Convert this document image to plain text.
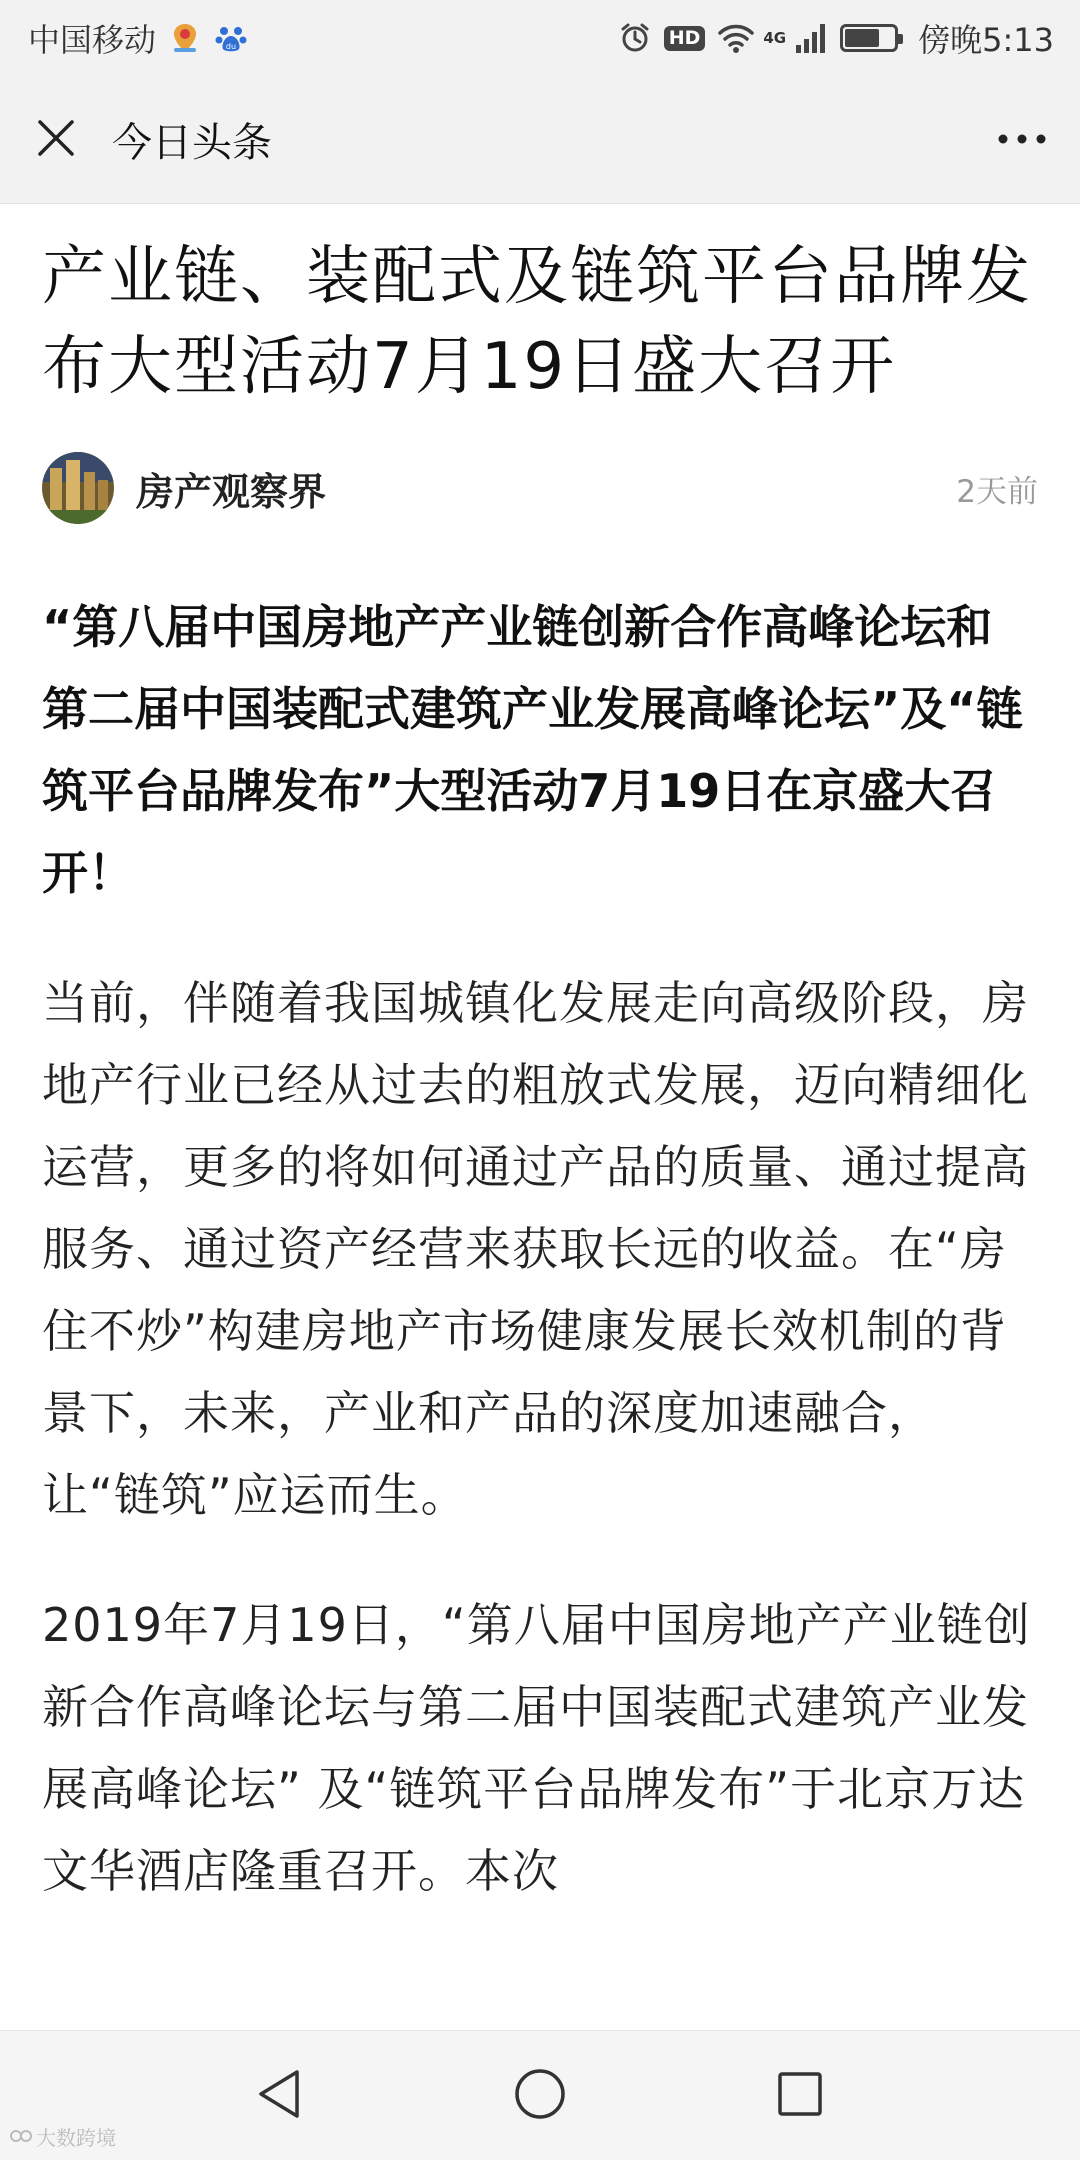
中国移动	du	HD	4G	傍晚5:13
今日头条
产业链、装配式及链筑平台品牌发布大型活动7月19日盛大召开
房产观察界	2天前

“第八届中国房地产产业链创新合作高峰论坛和第二届中国装配式建筑产业发展高峰论坛”及“链筑平台品牌发布”大型活动7月19日在京盛大召开！

当前，伴随着我国城镇化发展走向高级阶段，房地产行业已经从过去的粗放式发展，迈向精细化运营，更多的将如何通过产品的质量、通过提高服务、通过资产经营来获取长远的收益。在“房住不炒”构建房地产市场健康发展长效机制的背景下，未来，产业和产品的深度加速融合，让“链筑”应运而生。

2019年7月19日，“第八届中国房地产产业链创新合作高峰论坛与第二届中国装配式建筑产业发展高峰论坛” 及“链筑平台品牌发布”于北京万达文华酒店隆重召开。本次

大数跨境
